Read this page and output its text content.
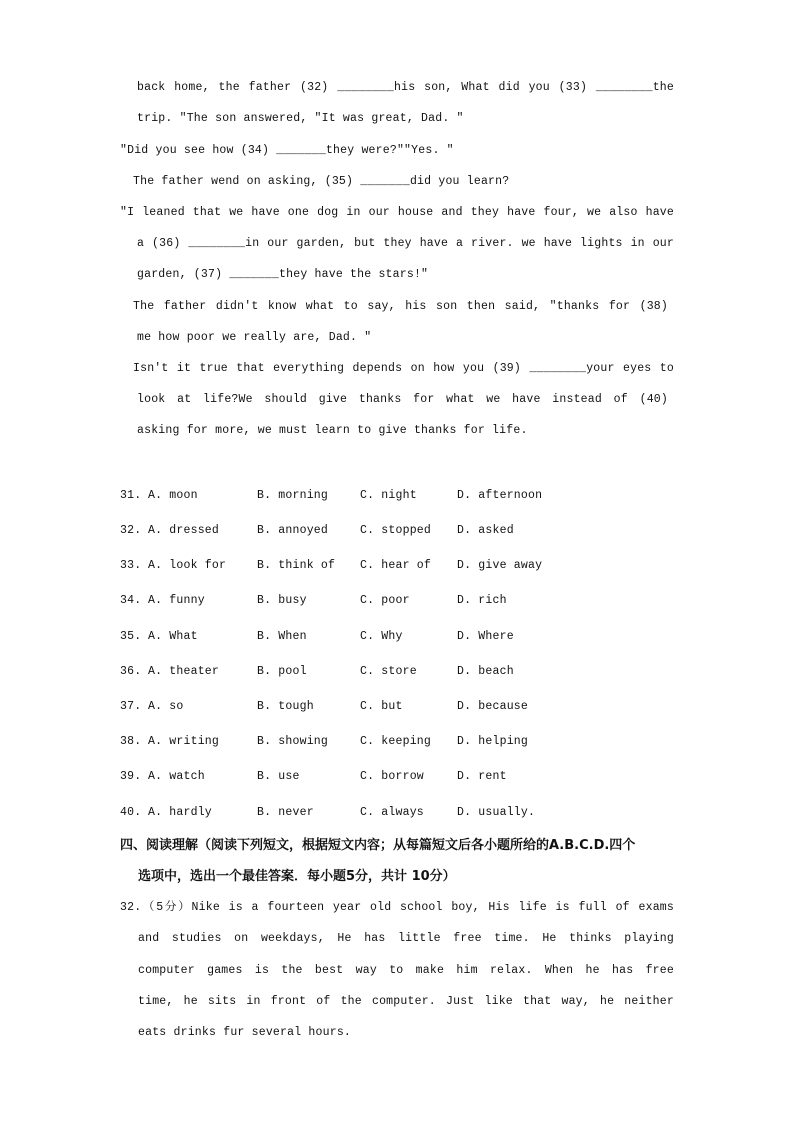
back home, the father (32) ________his son, What did you (33) ________the
trip. "The son answered, "It was great, Dad. "
"Did you see how (34) _______they were?""Yes. "
The father wend on asking, (35) _______did you learn?
"I leaned that we have one dog in our house and they have four, we also have
a (36) ________in our garden, but they have a river. we have lights in our
garden, (37) _______they have the stars!"
The father didn't know what to say, his son then said, "thanks for (38)
me how poor we really are, Dad. "
Isn't it true that everything depends on how you (39) ________your eyes to
look at life?We should give thanks for what we have instead of (40)
asking for more, we must learn to give thanks for life.
31. A. moon	B. morning	C. night	D. afternoon
32. A. dressed	B. annoyed	C. stopped D. asked
33. A. look for	B. think of C. hear of D. give away
34. A. funny	B. busy	C. poor	D. rich
35. A. What	B. When	C. Why	D. Where
36. A. theater	B. pool	C. store	D. beach
37. A. so	B. tough	C. but	D. because
38. A. writing	B. showing	C. keeping D. helping
39. A. watch	B. use	C. borrow	D. rent
40. A. hardly	B. never	C. always	D. usually.
四、阅读理解（阅读下列短文，根据短文内容；从每篇短文后各小题所给的A.B.C.D.四个
选项中，选出一个最佳答案．每小题5分，共计 10分）
32.（5分）Nike is a fourteen year old school boy, His life is full of exams
and studies on weekdays, He has little free time. He thinks playing
computer games is the best way to make him relax. When he has free
time, he sits in front of the computer. Just like that way, he neither
eats drinks fur several hours.
